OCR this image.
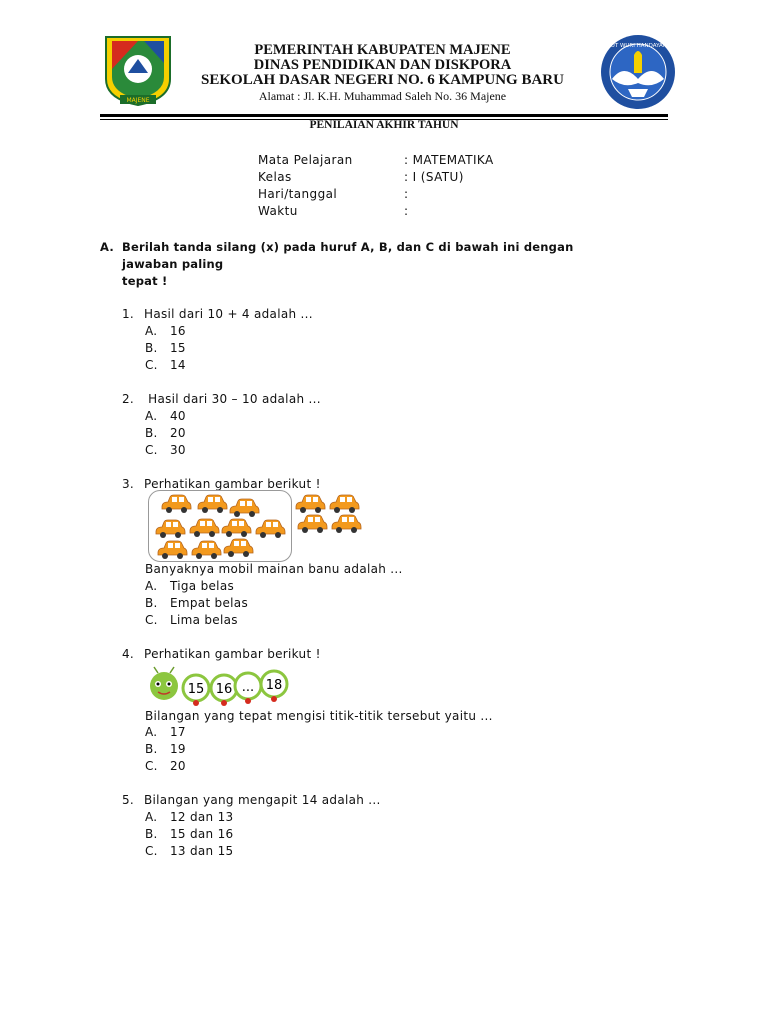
MAJENE
TUT WURI HANDAYANI
PEMERINTAH KABUPATEN MAJENE
DINAS PENDIDIKAN DAN DISKPORA
SEKOLAH DASAR NEGERI NO. 6 KAMPUNG BARU
Alamat : Jl. K.H. Muhammad Saleh No. 36 Majene
PENILAIAN AKHIR TAHUN
Mata Pelajaran	: MATEMATIKA
Kelas	: I (SATU)
Hari/tanggal	:
Waktu	:
A. Berilah tanda silang (x) pada huruf A, B, dan C di bawah ini dengan
jawaban paling
tepat !
1. Hasil dari 10 + 4 adalah ...
A. 16
B. 15
C. 14
2. Hasil dari 30 – 10 adalah ...
A. 40
B. 20
C. 30
3. Perhatikan gambar berikut !
Banyaknya mobil mainan banu adalah ...
A. Tiga belas
B. Empat belas
C. Lima belas
4. Perhatikan gambar berikut !
15 16 ... 18
Bilangan yang tepat mengisi titik-titik tersebut yaitu ...
A. 17
B. 19
C. 20
5. Bilangan yang mengapit 14 adalah ...
A. 12 dan 13
B. 15 dan 16
C. 13 dan 15
